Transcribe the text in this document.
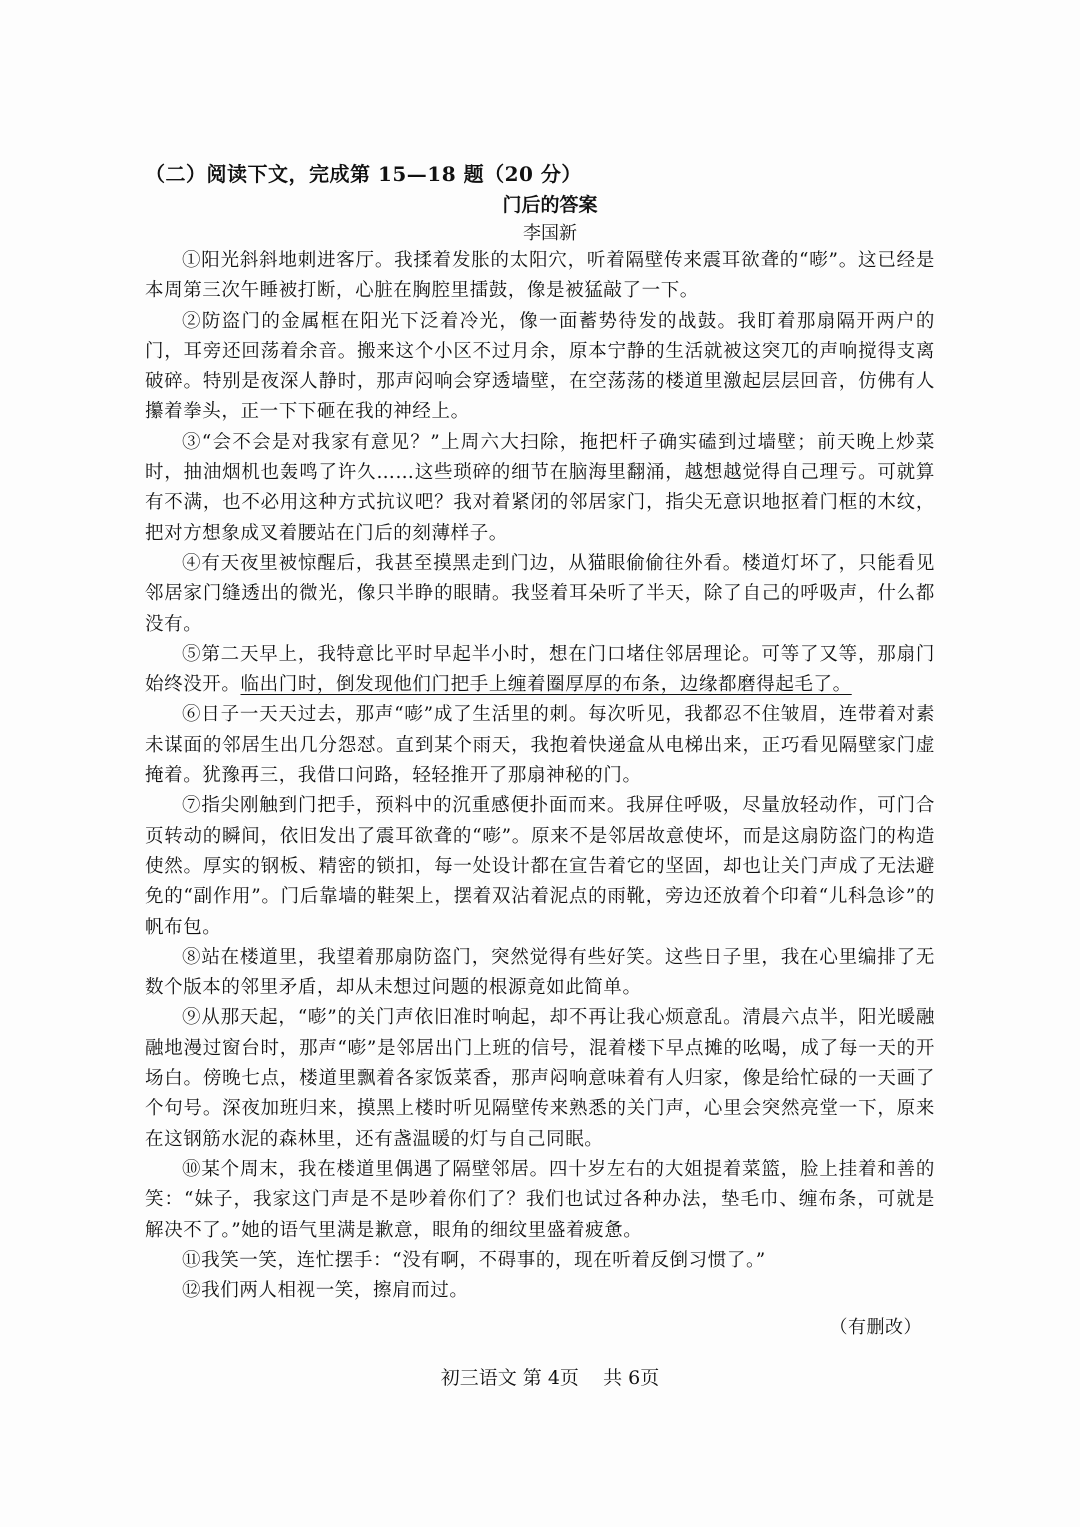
（二）阅读下文，完成第 15—18 题（20 分）
门后的答案
李国新

①阳光斜斜地刺进客厅。我揉着发胀的太阳穴，听着隔壁传来震耳欲聋的“嘭”。这已经是本周第三次午睡被打断，心脏在胸腔里擂鼓，像是被猛敲了一下。

②防盗门的金属框在阳光下泛着冷光，像一面蓄势待发的战鼓。我盯着那扇隔开两户的门，耳旁还回荡着余音。搬来这个小区不过月余，原本宁静的生活就被这突兀的声响搅得支离破碎。特别是夜深人静时，那声闷响会穿透墙壁，在空荡荡的楼道里激起层层回音，仿佛有人攥着拳头，正一下下砸在我的神经上。

③“会不会是对我家有意见？”上周六大扫除，拖把杆子确实磕到过墙壁；前天晚上炒菜时，抽油烟机也轰鸣了许久……这些琐碎的细节在脑海里翻涌，越想越觉得自己理亏。可就算有不满，也不必用这种方式抗议吧？我对着紧闭的邻居家门，指尖无意识地抠着门框的木纹，把对方想象成叉着腰站在门后的刻薄样子。

④有天夜里被惊醒后，我甚至摸黑走到门边，从猫眼偷偷往外看。楼道灯坏了，只能看见邻居家门缝透出的微光，像只半睁的眼睛。我竖着耳朵听了半天，除了自己的呼吸声，什么都没有。

⑤第二天早上，我特意比平时早起半小时，想在门口堵住邻居理论。可等了又等，那扇门始终没开。临出门时，倒发现他们门把手上缠着圈厚厚的布条，边缘都磨得起毛了。

⑥日子一天天过去，那声“嘭”成了生活里的刺。每次听见，我都忍不住皱眉，连带着对素未谋面的邻居生出几分怨怼。直到某个雨天，我抱着快递盒从电梯出来，正巧看见隔壁家门虚掩着。犹豫再三，我借口问路，轻轻推开了那扇神秘的门。

⑦指尖刚触到门把手，预料中的沉重感便扑面而来。我屏住呼吸，尽量放轻动作，可门合页转动的瞬间，依旧发出了震耳欲聋的“嘭”。原来不是邻居故意使坏，而是这扇防盗门的构造使然。厚实的钢板、精密的锁扣，每一处设计都在宣告着它的坚固，却也让关门声成了无法避免的“副作用”。门后靠墙的鞋架上，摆着双沾着泥点的雨靴，旁边还放着个印着“儿科急诊”的帆布包。

⑧站在楼道里，我望着那扇防盗门，突然觉得有些好笑。这些日子里，我在心里编排了无数个版本的邻里矛盾，却从未想过问题的根源竟如此简单。

⑨从那天起，“嘭”的关门声依旧准时响起，却不再让我心烦意乱。清晨六点半，阳光暖融融地漫过窗台时，那声“嘭”是邻居出门上班的信号，混着楼下早点摊的吆喝，成了每一天的开场白。傍晚七点，楼道里飘着各家饭菜香，那声闷响意味着有人归家，像是给忙碌的一天画了个句号。深夜加班归来，摸黑上楼时听见隔壁传来熟悉的关门声，心里会突然亮堂一下，原来在这钢筋水泥的森林里，还有盏温暖的灯与自己同眠。

⑩某个周末，我在楼道里偶遇了隔壁邻居。四十岁左右的大姐提着菜篮，脸上挂着和善的笑：“妹子，我家这门声是不是吵着你们了？我们也试过各种办法，垫毛巾、缠布条，可就是解决不了。”她的语气里满是歉意，眼角的细纹里盛着疲惫。

⑪我笑一笑，连忙摆手：“没有啊，不碍事的，现在听着反倒习惯了。”

⑫我们两人相视一笑，擦肩而过。

（有删改）
初三语文 第 4页    共 6页
